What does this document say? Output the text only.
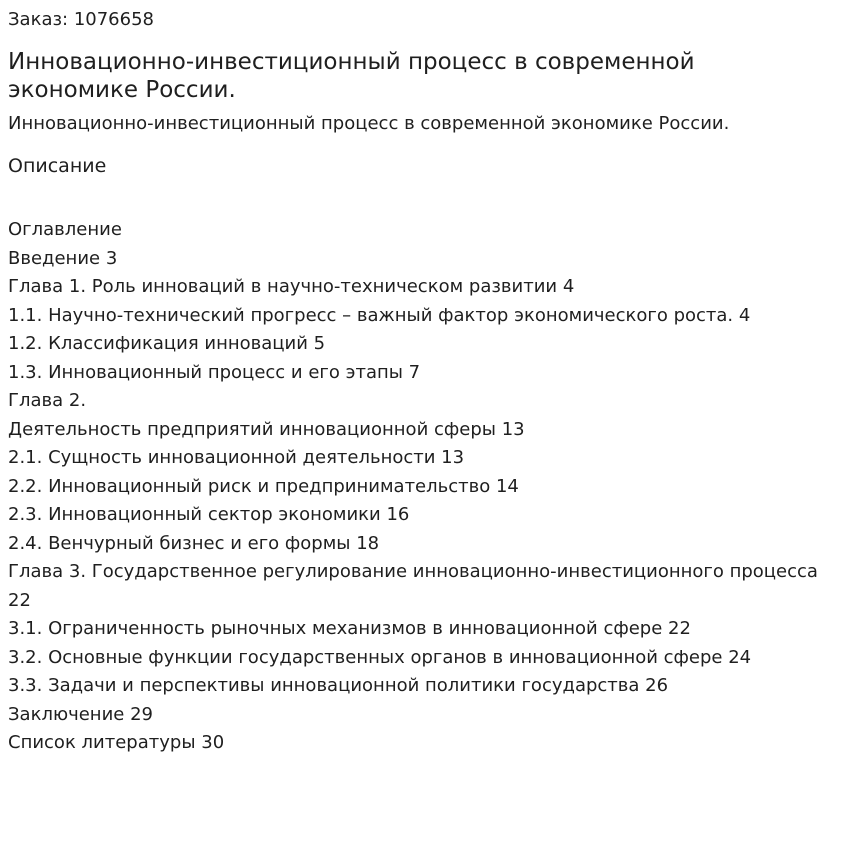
Заказ: 1076658

Инновационно-инвестиционный процесс в современной экономике России.

Инновационно-инвестиционный процесс в современной экономике России.

Описание
Оглавление
Введение 3
Глава 1. Роль инноваций в научно-техническом развитии 4
1.1. Научно-технический прогресс – важный фактор экономического роста. 4
1.2. Классификация инноваций 5
1.3. Инновационный процесс и его этапы 7
Глава 2.
Деятельность предприятий инновационной сферы 13
2.1. Сущность инновационной деятельности 13
2.2. Инновационный риск и предпринимательство 14
2.3. Инновационный сектор экономики 16
2.4. Венчурный бизнес и его формы 18
Глава 3. Государственное регулирование инновационно-инвестиционного процесса 22
3.1. Ограниченность рыночных механизмов в инновационной сфере 22
3.2. Основные функции государственных органов в инновационной сфере 24
3.3. Задачи и перспективы инновационной политики государства 26
Заключение 29
Список литературы 30
